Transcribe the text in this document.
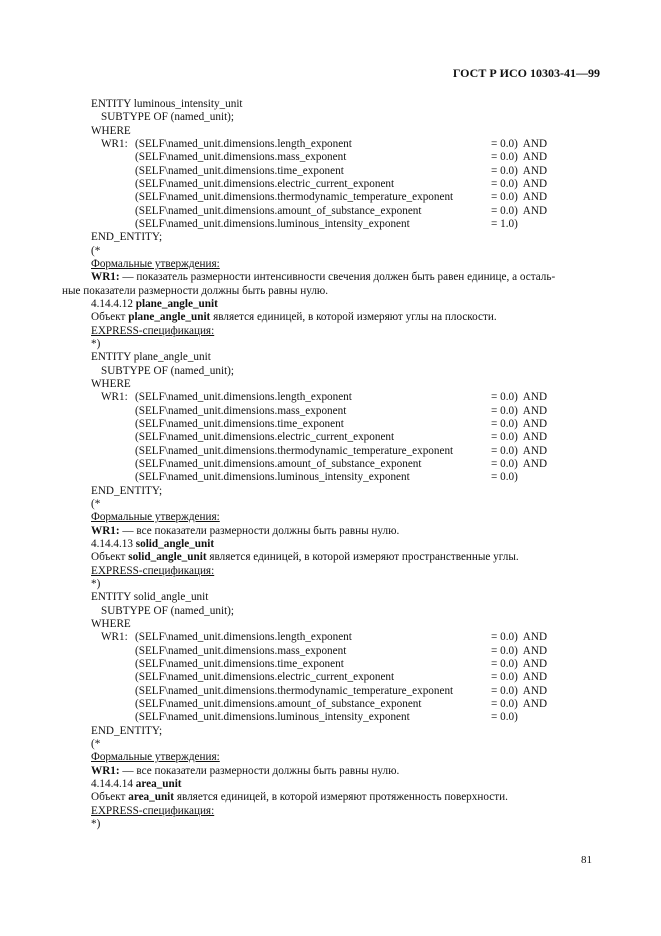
ГОСТ Р ИСО 10303-41—99
ENTITY luminous_intensity_unit
SUBTYPE OF (named_unit);
WHERE
WR1: (SELF\named_unit.dimensions.length_exponent	= 0.0)  AND
(SELF\named_unit.dimensions.mass_exponent	= 0.0)  AND
(SELF\named_unit.dimensions.time_exponent	= 0.0)  AND
(SELF\named_unit.dimensions.electric_current_exponent	= 0.0)  AND
(SELF\named_unit.dimensions.thermodynamic_temperature_exponent	= 0.0)  AND
(SELF\named_unit.dimensions.amount_of_substance_exponent	= 0.0)  AND
(SELF\named_unit.dimensions.luminous_intensity_exponent	= 1.0)
END_ENTITY;
(*
Формальные утверждения:
WR1: — показатель размерности интенсивности свечения должен быть равен единице, а осталь-
ные показатели размерности должны быть равны нулю.
4.14.4.12 plane_angle_unit
Объект plane_angle_unit является единицей, в которой измеряют углы на плоскости.
EXPRESS-спецификация:
*)
ENTITY plane_angle_unit
SUBTYPE OF (named_unit);
WHERE
WR1: (SELF\named_unit.dimensions.length_exponent	= 0.0)  AND
(SELF\named_unit.dimensions.mass_exponent	= 0.0)  AND
(SELF\named_unit.dimensions.time_exponent	= 0.0)  AND
(SELF\named_unit.dimensions.electric_current_exponent	= 0.0)  AND
(SELF\named_unit.dimensions.thermodynamic_temperature_exponent	= 0.0)  AND
(SELF\named_unit.dimensions.amount_of_substance_exponent	= 0.0)  AND
(SELF\named_unit.dimensions.luminous_intensity_exponent	= 0.0)
END_ENTITY;
(*
Формальные утверждения:
WR1: — все показатели размерности должны быть равны нулю.
4.14.4.13 solid_angle_unit
Объект solid_angle_unit является единицей, в которой измеряют пространственные углы.
EXPRESS-спецификация:
*)
ENTITY solid_angle_unit
SUBTYPE OF (named_unit);
WHERE
WR1: (SELF\named_unit.dimensions.length_exponent	= 0.0)  AND
(SELF\named_unit.dimensions.mass_exponent	= 0.0)  AND
(SELF\named_unit.dimensions.time_exponent	= 0.0)  AND
(SELF\named_unit.dimensions.electric_current_exponent	= 0.0)  AND
(SELF\named_unit.dimensions.thermodynamic_temperature_exponent	= 0.0)  AND
(SELF\named_unit.dimensions.amount_of_substance_exponent	= 0.0)  AND
(SELF\named_unit.dimensions.luminous_intensity_exponent	= 0.0)
END_ENTITY;
(*
Формальные утверждения:
WR1: — все показатели размерности должны быть равны нулю.
4.14.4.14 area_unit
Объект area_unit является единицей, в которой измеряют протяженность поверхности.
EXPRESS-спецификация:
*)
81
